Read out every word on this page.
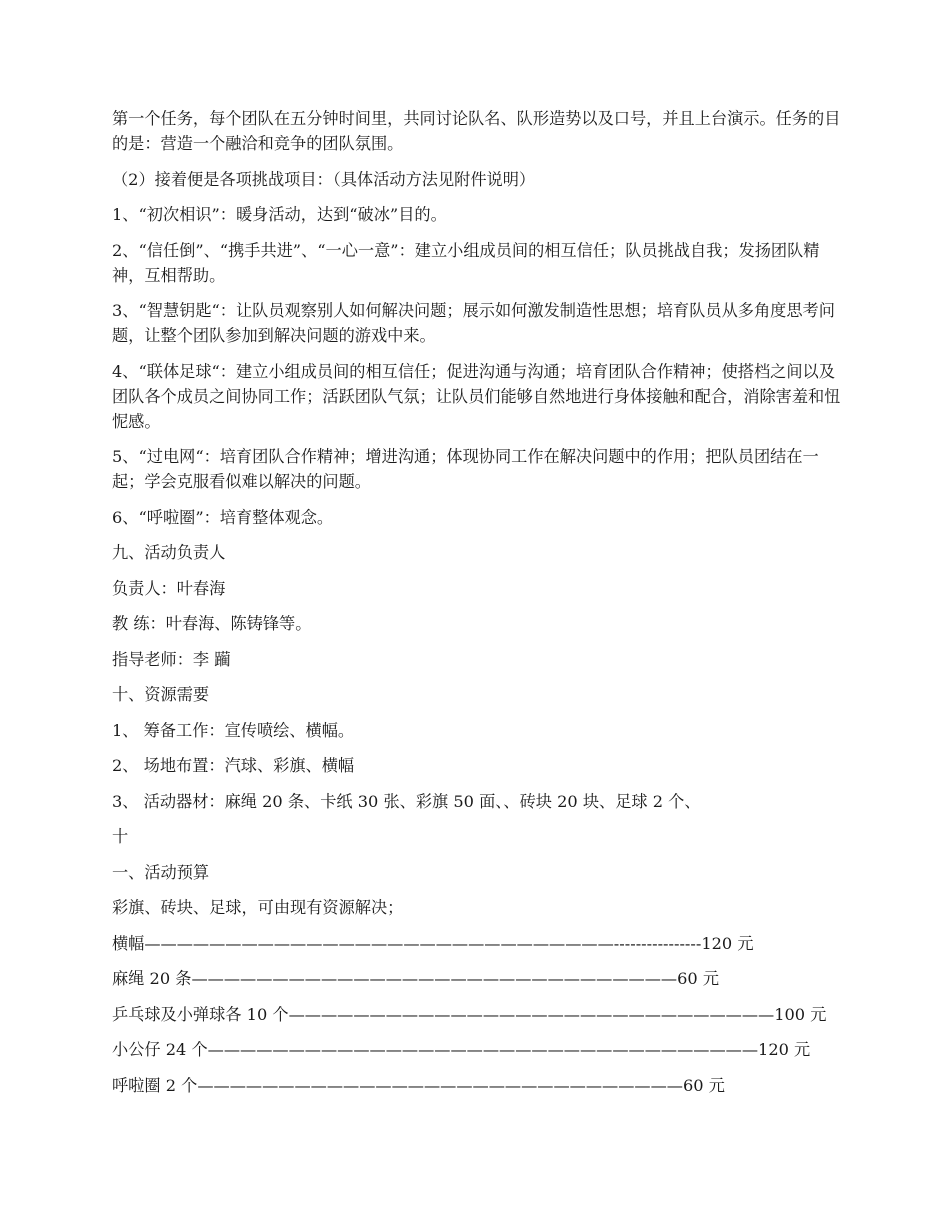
第一个任务，每个团队在五分钟时间里，共同讨论队名、队形造势以及口号，并且上台演示。任务的目的是：营造一个融洽和竞争的团队氛围。

（2）接着便是各项挑战项目：（具体活动方法见附件说明）

1、“初次相识”：暖身活动，达到“破冰”目的。

2、“信任倒”、“携手共进”、“一心一意”：建立小组成员间的相互信任；队员挑战自我；发扬团队精神，互相帮助。

3、“智慧钥匙“：让队员观察别人如何解决问题；展示如何激发制造性思想；培育队员从多角度思考问题，让整个团队参加到解决问题的游戏中来。

4、“联体足球“：建立小组成员间的相互信任；促进沟通与沟通；培育团队合作精神；使搭档之间以及团队各个成员之间协同工作；活跃团队气氛；让队员们能够自然地进行身体接触和配合，消除害羞和忸怩感。

5、“过电网“：培育团队合作精神；增进沟通；体现协同工作在解决问题中的作用；把队员团结在一起；学会克服看似难以解决的问题。

6、“呼啦圈”：培育整体观念。

九、活动负责人

负责人：叶春海

教 练：叶春海、陈铸锋等。

指导老师：李 躏

十、资源需要

1、 筹备工作：宣传喷绘、横幅。

2、 场地布置：汽球、彩旗、横幅

3、 活动器材：麻绳 20 条、卡纸 30 张、彩旗 50 面、、砖块 20 块、足球 2 个、

十

一、活动预算

彩旗、砖块、足球，可由现有资源解决；

横幅—————————————————————————————----------------120 元

麻绳 20 条——————————————————————————————60 元

乒乓球及小弹球各 10 个——————————————————————————————100 元

小公仔 24 个——————————————————————————————————120 元

呼啦圈 2 个——————————————————————————————60 元
